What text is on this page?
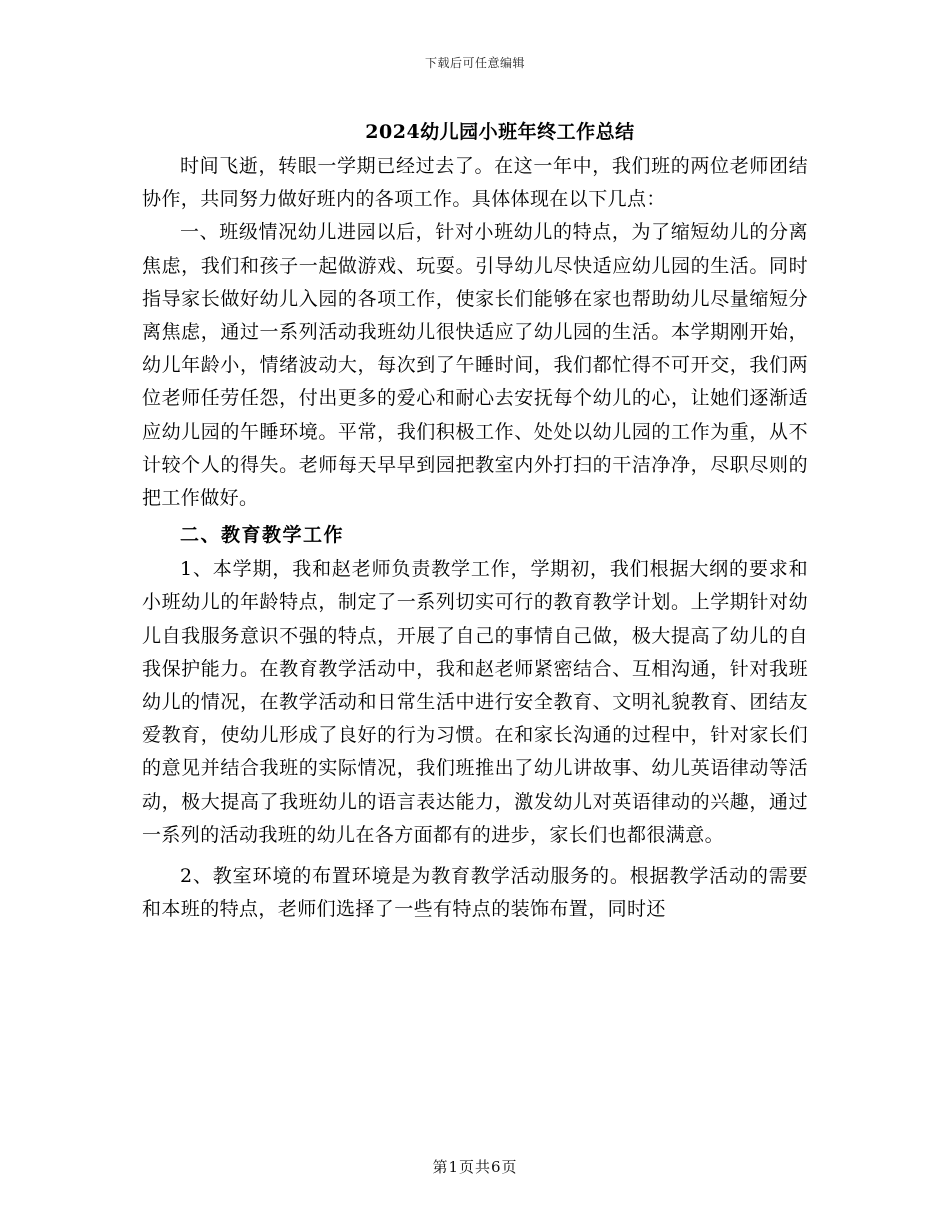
下载后可任意编辑
2024幼儿园小班年终工作总结

时间飞逝，转眼一学期已经过去了。在这一年中，我们班的两位老师团结协作，共同努力做好班内的各项工作。具体体现在以下几点：

一、班级情况幼儿进园以后，针对小班幼儿的特点，为了缩短幼儿的分离焦虑，我们和孩子一起做游戏、玩耍。引导幼儿尽快适应幼儿园的生活。同时指导家长做好幼儿入园的各项工作，使家长们能够在家也帮助幼儿尽量缩短分离焦虑，通过一系列活动我班幼儿很快适应了幼儿园的生活。本学期刚开始，幼儿年龄小，情绪波动大，每次到了午睡时间，我们都忙得不可开交，我们两位老师任劳任怨，付出更多的爱心和耐心去安抚每个幼儿的心，让她们逐渐适应幼儿园的午睡环境。平常，我们积极工作、处处以幼儿园的工作为重，从不计较个人的得失。老师每天早早到园把教室内外打扫的干洁净净，尽职尽则的把工作做好。

二、教育教学工作

1、本学期，我和赵老师负责教学工作，学期初，我们根据大纲的要求和小班幼儿的年龄特点，制定了一系列切实可行的教育教学计划。上学期针对幼儿自我服务意识不强的特点，开展了自己的事情自己做，极大提高了幼儿的自我保护能力。在教育教学活动中，我和赵老师紧密结合、互相沟通，针对我班幼儿的情况，在教学活动和日常生活中进行安全教育、文明礼貌教育、团结友爱教育，使幼儿形成了良好的行为习惯。在和家长沟通的过程中，针对家长们的意见并结合我班的实际情况，我们班推出了幼儿讲故事、幼儿英语律动等活动，极大提高了我班幼儿的语言表达能力，激发幼儿对英语律动的兴趣，通过一系列的活动我班的幼儿在各方面都有的进步，家长们也都很满意。

2、教室环境的布置环境是为教育教学活动服务的。根据教学活动的需要和本班的特点，老师们选择了一些有特点的装饰布置，同时还

第1页共6页
